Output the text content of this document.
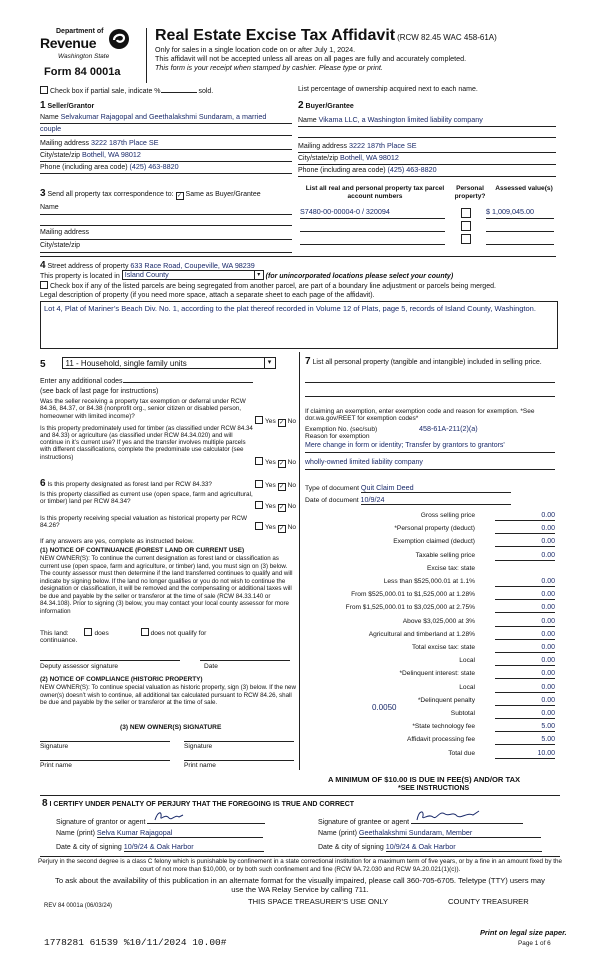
Department of
Revenue
Washington State
Form 84 0001a
Real Estate Excise Tax Affidavit (RCW 82.45 WAC 458-61A)
Only for sales in a single location code on or after July 1, 2024.
This affidavit will not be accepted unless all areas on all pages are fully and accurately completed.
This form is your receipt when stamped by cashier. Please type or print.
Check box if partial sale, indicate %	sold.	List percentage of ownership acquired next to each name.
1 Seller/Grantor
Name Selvakumar Rajagopal and Geethalakshmi Sundaram, a married
couple
Mailing address 3222 187th Place SE
City/state/zip Bothell, WA 98012
Phone (including area code) (425) 463-8820
2 Buyer/Grantee
Name Vikama LLC, a Washington limited liability company
Mailing address 3222 187th Place SE
City/state/zip Bothell, WA 98012
Phone (including area code) (425) 463-8820
3 Send all property tax correspondence to: ✓ Same as Buyer/Grantee
Name
Mailing address
City/state/zip
List all real and personal property tax parcel account numbers
Personal property?
Assessed value(s)
S7480-00-00004-0 / 320094	$ 1,009,045.00
4 Street address of property 633 Race Road, Coupeville, WA 98239
This property is located in Island County	▾ (for unincorporated locations please select your county)
Check box if any of the listed parcels are being segregated from another parcel, are part of a boundary line adjustment or parcels being merged.
Legal description of property (if you need more space, attach a separate sheet to each page of the affidavit).
Lot 4, Plat of Mariner’s Beach Div. No. 1, according to the plat thereof recorded in Volume 12 of Plats, page 5, records of Island County, Washington.
5 11 - Household, single family units	▾
Enter any additional codes
(see back of last page for instructions)
Was the seller receiving a property tax exemption or deferral under RCW 84.36, 84.37, or 84.38 (nonprofit org., senior citizen or disabled person, homeowner with limited income)?
Yes ✓ No
Is this property predominately used for timber (as classified under RCW 84.34 and 84.33) or agriculture (as classified under RCW 84.34.020) and will continue in it’s current use? If yes and the transfer involves multiple parcels with different classifications, complete the predominate use calculator (see instructions)
Yes ✓ No
6 Is this property designated as forest land per RCW 84.33?	Yes ✓ No
Is this property classified as current use (open space, farm and agricultural, or timber) land per RCW 84.34?
Yes ✓ No
Is this property receiving special valuation as historical property per RCW 84.26?	Yes ✓ No
If any answers are yes, complete as instructed below.
(1) NOTICE OF CONTINUANCE (FOREST LAND OR CURRENT USE)
NEW OWNER(S): To continue the current designation as forest land or classification as current use (open space, farm and agriculture, or timber) land, you must sign on (3) below. The county assessor must then determine if the land transferred continues to qualify and will indicate by signing below. If the land no longer qualifies or you do not wish to continue the designation or classification, it will be removed and the compensating or additional taxes will be due and payable by the seller or transferor at the time of sale (RCW 84.33.140 or 84.34.108). Prior to signing (3) below, you may contact your local county assessor for more information
This land:	does	does not qualify for
continuance.
Deputy assessor signature	Date
(2) NOTICE OF COMPLIANCE (HISTORIC PROPERTY)
NEW OWNER(S): To continue special valuation as historic property, sign (3) below. If the new owner(s) doesn’t wish to continue, all additional tax calculated pursuant to RCW 84.26, shall be due and payable by the seller or transferor at the time of sale.
(3) NEW OWNER(S) SIGNATURE
Signature	Signature
Print name	Print name
7 List all personal property (tangible and intangible) included in selling price.
If claiming an exemption, enter exemption code and reason for exemption. *See dor.wa.gov/REET for exemption codes*
Exemption No. (sec/sub)	458-61A-211(2)(a)
Reason for exemption
Mere change in form or identity; Transfer by grantors to grantors'
wholly-owned limited liability company
Type of document Quit Claim Deed
Date of document 10/9/24
Gross selling price	0.00
*Personal property (deduct)	0.00
Exemption claimed (deduct)	0.00
Taxable selling price	0.00
Excise tax: state
Less than $525,000.01 at 1.1%	0.00
From $525,000.01 to $1,525,000 at 1.28%	0.00
From $1,525,000.01 to $3,025,000 at 2.75%	0.00
Above $3,025,000 at 3%	0.00
Agricultural and timberland at 1.28%	0.00
Total excise tax: state	0.00
Local	0.00
*Delinquent interest: state	0.00
Local	0.00
*Delinquent penalty	0.00
Subtotal	0.00
*State technology fee	5.00
Affidavit processing fee	5.00
Total due	10.00
0.0050
A MINIMUM OF $10.00 IS DUE IN FEE(S) AND/OR TAX
*SEE INSTRUCTIONS
8 I CERTIFY UNDER PENALTY OF PERJURY THAT THE FOREGOING IS TRUE AND CORRECT
Signature of grantor or agent	Signature of grantee or agent
Name (print) Selva Kumar Rajagopal	Name (print) Geethalakshmi Sundaram, Member
Date & city of signing 10/9/24 & Oak Harbor	Date & city of signing 10/9/24 & Oak Harbor
Perjury in the second degree is a class C felony which is punishable by confinement in a state correctional institution for a maximum term of five years, or by a fine in an amount fixed by the court of not more than $10,000, or by both such confinement and fine (RCW 9A.72.030 and RCW 9A.20.021(1)(c)).
To ask about the availability of this publication in an alternate format for the visually impaired, please call 360-705-6705. Teletype (TTY) users may use the WA Relay Service by calling 711.
REV 84 0001a (06/03/24)	THIS SPACE TREASURER’S USE ONLY	COUNTY TREASURER
1778281 61539 %10/11/2024 10.00#
Print on legal size paper.
Page 1 of 6
